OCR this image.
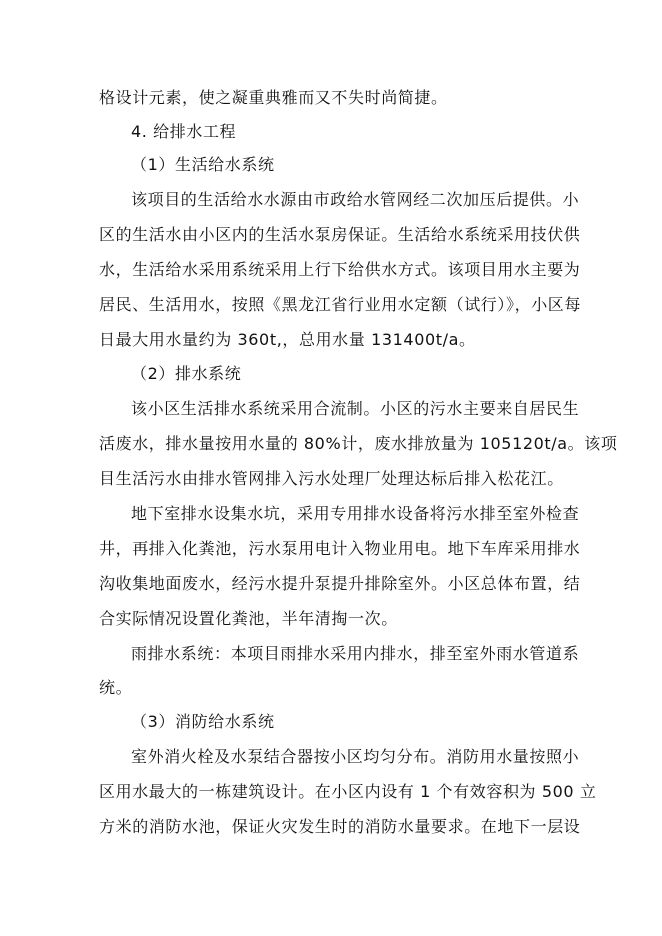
格设计元素，使之凝重典雅而又不失时尚简捷。
4. 给排水工程
（1）生活给水系统
该项目的生活给水水源由市政给水管网经二次加压后提供。小
区的生活水由小区内的生活水泵房保证。生活给水系统采用技伏供
水，生活给水采用系统采用上行下给供水方式。该项目用水主要为
居民、生活用水，按照《黑龙江省行业用水定额（试行）》，小区每
日最大用水量约为 360t,，总用水量 131400t/a。
（2）排水系统
该小区生活排水系统采用合流制。小区的污水主要来自居民生
活废水，排水量按用水量的 80%计，废水排放量为 105120t/a。该项
目生活污水由排水管网排入污水处理厂处理达标后排入松花江。
地下室排水设集水坑，采用专用排水设备将污水排至室外检查
井，再排入化粪池，污水泵用电计入物业用电。地下车库采用排水
沟收集地面废水，经污水提升泵提升排除室外。小区总体布置，结
合实际情况设置化粪池，半年清掏一次。
雨排水系统：本项目雨排水采用内排水，排至室外雨水管道系
统。
（3）消防给水系统
室外消火栓及水泵结合器按小区均匀分布。消防用水量按照小
区用水最大的一栋建筑设计。在小区内设有 1 个有效容积为 500 立
方米的消防水池，保证火灾发生时的消防水量要求。在地下一层设
